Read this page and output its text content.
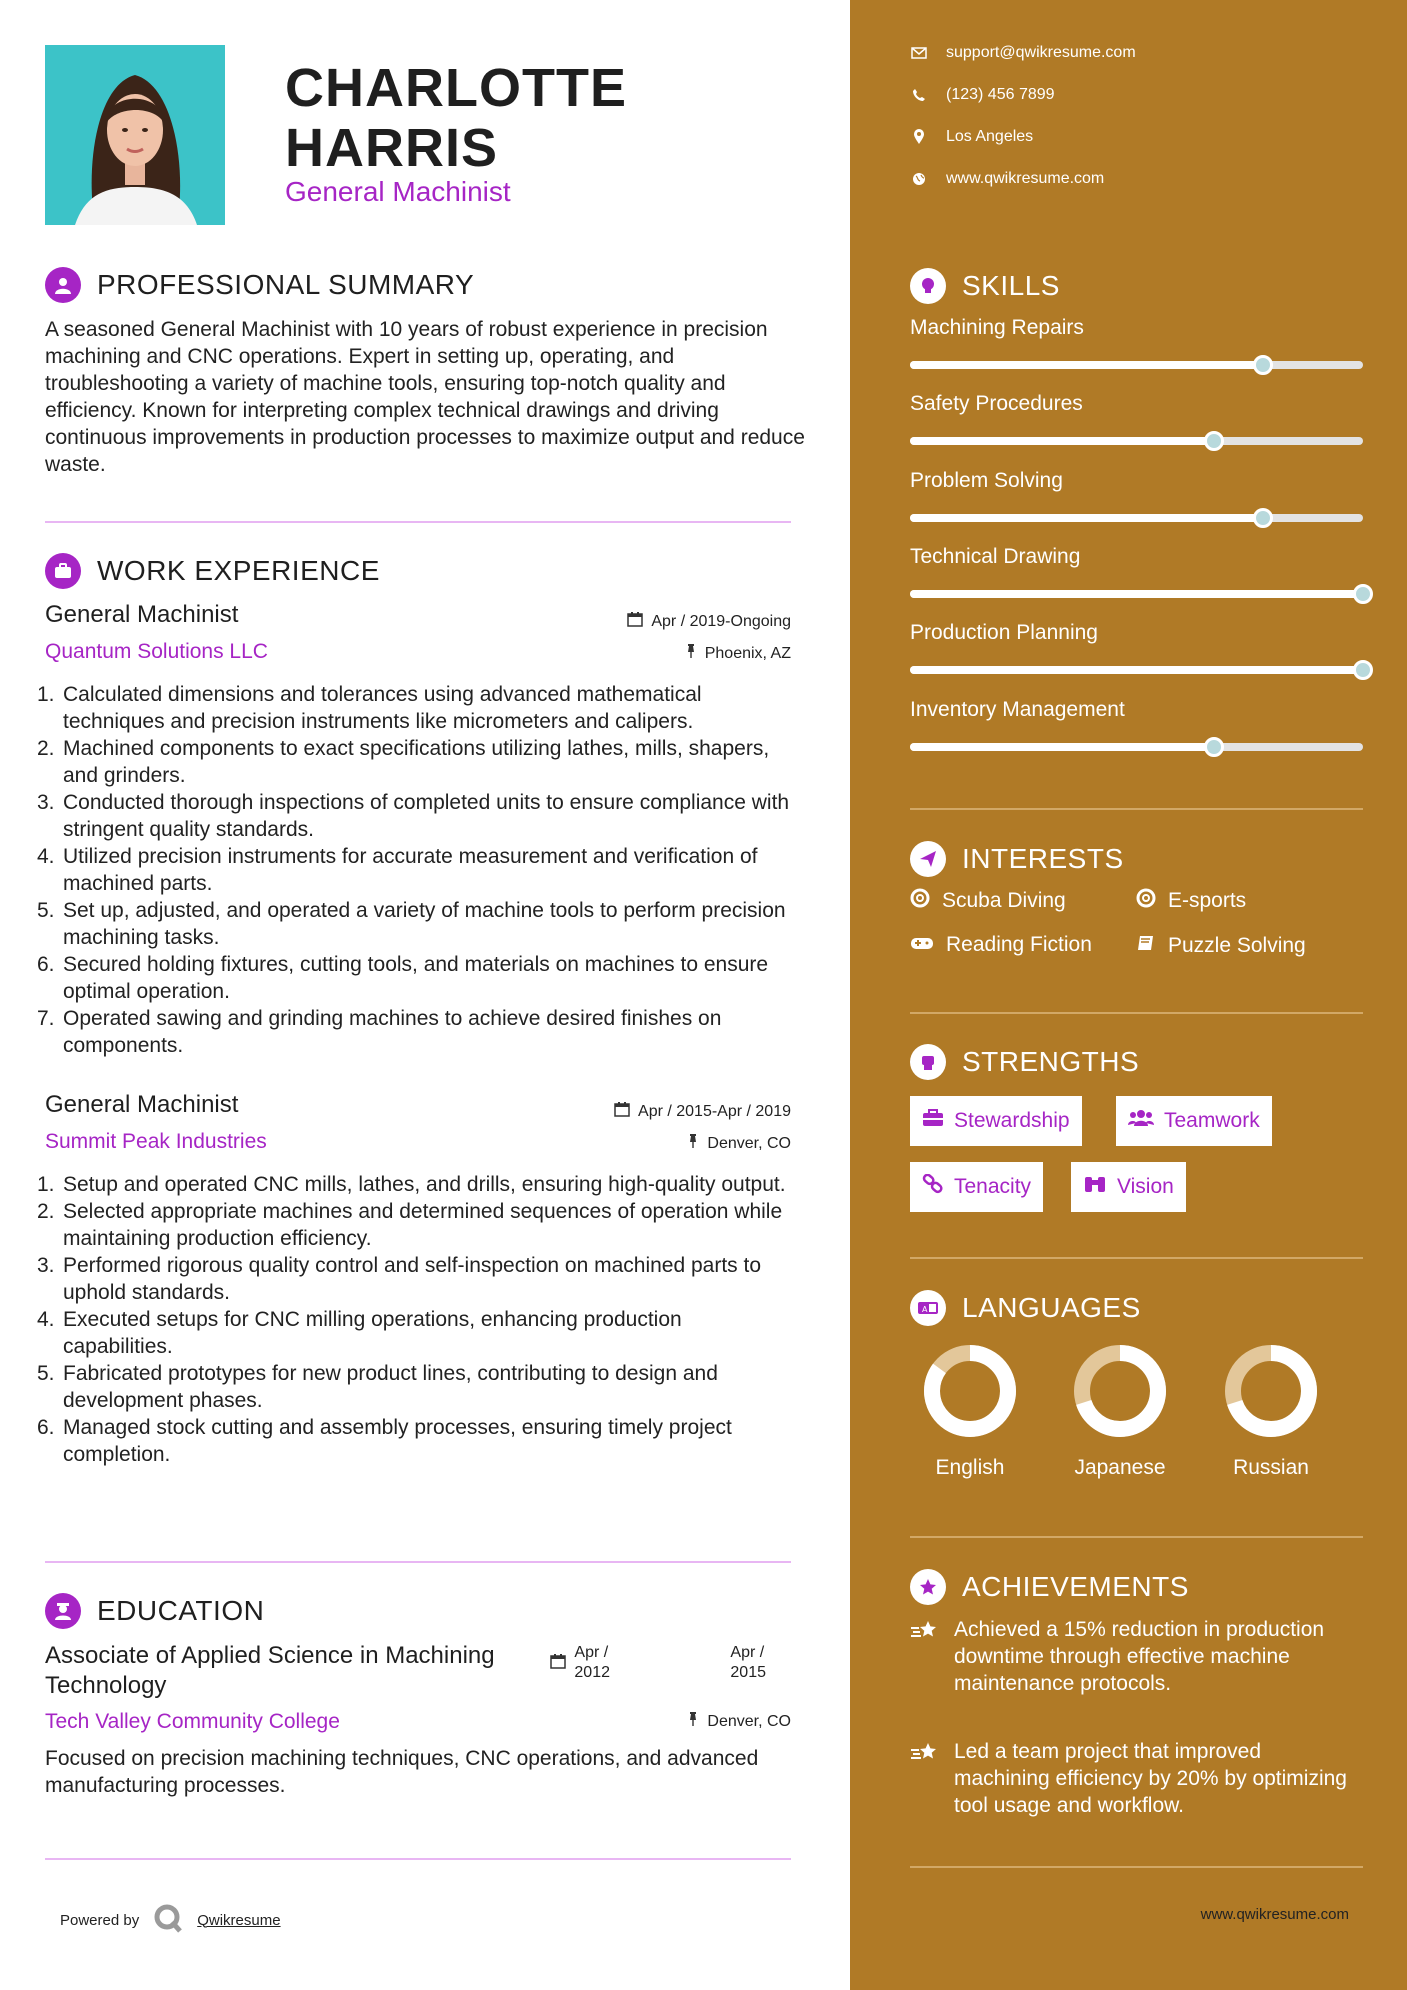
CHARLOTTE
HARRIS
General Machinist
PROFESSIONAL SUMMARY
A seasoned General Machinist with 10 years of robust experience in precision machining and CNC operations. Expert in setting up, operating, and troubleshooting a variety of machine tools, ensuring top-notch quality and efficiency. Known for interpreting complex technical drawings and driving continuous improvements in production processes to maximize output and reduce waste.
WORK EXPERIENCE
General Machinist
Quantum Solutions LLC
Apr / 2019-Ongoing
Phoenix, AZ
1. Calculated dimensions and tolerances using advanced mathematical techniques and precision instruments like micrometers and calipers.
2. Machined components to exact specifications utilizing lathes, mills, shapers, and grinders.
3. Conducted thorough inspections of completed units to ensure compliance with stringent quality standards.
4. Utilized precision instruments for accurate measurement and verification of machined parts.
5. Set up, adjusted, and operated a variety of machine tools to perform precision machining tasks.
6. Secured holding fixtures, cutting tools, and materials on machines to ensure optimal operation.
7. Operated sawing and grinding machines to achieve desired finishes on components.
General Machinist
Summit Peak Industries
Apr / 2015-Apr / 2019
Denver, CO
1. Setup and operated CNC mills, lathes, and drills, ensuring high-quality output.
2. Selected appropriate machines and determined sequences of operation while maintaining production efficiency.
3. Performed rigorous quality control and self-inspection on machined parts to uphold standards.
4. Executed setups for CNC milling operations, enhancing production capabilities.
5. Fabricated prototypes for new product lines, contributing to design and development phases.
6. Managed stock cutting and assembly processes, ensuring timely project completion.
EDUCATION
Associate of Applied Science in Machining
Technology
Apr /
2012
Apr /
2015
Tech Valley Community College	Denver, CO
Focused on precision machining techniques, CNC operations, and advanced manufacturing processes.
Powered by	Qwikresume
support@qwikresume.com
(123) 456 7899
Los Angeles
www.qwikresume.com
SKILLS
Machining Repairs
Safety Procedures
Problem Solving
Technical Drawing
Production Planning
Inventory Management
INTERESTS
Scuba Diving	E-sports
Reading Fiction	Puzzle Solving
STRENGTHS
Stewardship	Teamwork
Tenacity	Vision
A LANGUAGES
English	Japanese	Russian
ACHIEVEMENTS
Achieved a 15% reduction in production downtime through effective machine maintenance protocols.
Led a team project that improved machining efficiency by 20% by optimizing tool usage and workflow.
www.qwikresume.com
